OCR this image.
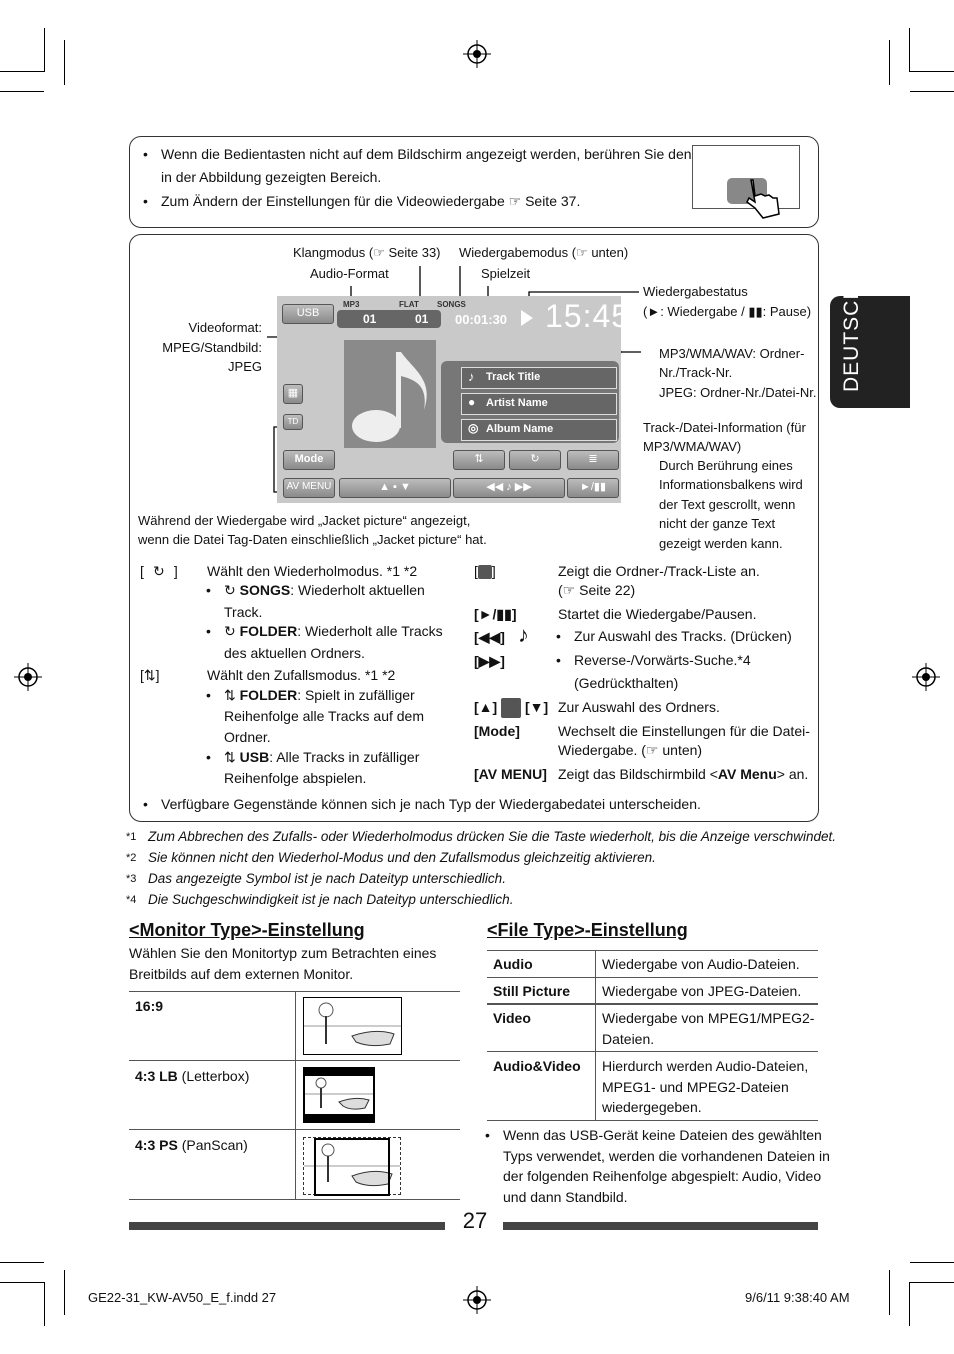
DEUTSCH
• Wenn die Bedientasten nicht auf dem Bildschirm angezeigt werden, berühren Sie den
in der Abbildung gezeigten Bereich.
• Zum Ändern der Einstellungen für die Videowiedergabe ☞ Seite 37.
Klangmodus (☞ Seite 33) Wiedergabemodus (☞ unten)
Audio-Format	Spielzeit
Wiedergabestatus
(►: Wiedergabe / ▮▮: Pause)
Videoformat:
MPEG/Standbild:
JPEG
MP3/WMA/WAV: Ordner-
Nr./Track-Nr.
JPEG: Ordner-Nr./Datei-Nr.
Track-/Datei-Information (für
MP3/WMA/WAV)
Durch Berührung eines
Informationsbalkens wird
der Text gescrollt, wenn
nicht der ganze Text
gezeigt werden kann.
Während der Wiedergabe wird „Jacket picture“ angezeigt,
wenn die Datei Tag-Daten einschließlich „Jacket picture“ hat.
USB
MP3	FLAT SONGS
01	01 00:01:30 15:45
▦
TD
Track Title
♪
Artist Name
●
Album Name
◎
Mode
AV MENU
⇅	↻	≣
▲ ▪ ▼	◀◀ ♪ ▶▶	►/▮▮
[ ↻ ] Wählt den Wiederholmodus. *1 *2
• ↻ SONGS: Wiederholt aktuellen
Track.
• ↻ FOLDER: Wiederholt alle Tracks
des aktuellen Ordners.
[⇅]	Wählt den Zufallsmodus. *1 *2
• ⇅ FOLDER: Spielt in zufälliger
Reihenfolge alle Tracks auf dem
Ordner.
• ⇅ USB: Alle Tracks in zufälliger
Reihenfolge abspielen.
[ ]	Zeigt die Ordner-/Track-Liste an.
(☞ Seite 22)
[►/▮▮]	Startet die Wiedergabe/Pausen.
[◀◀] ♪	• Zur Auswahl des Tracks. (Drücken)
[▶▶]	• Reverse-/Vorwärts-Suche.*4
(Gedrückthalten)
[▲] [▼] Zur Auswahl des Ordners.
[Mode]	Wechselt die Einstellungen für die Datei-
Wiedergabe. (☞ unten)
[AV MENU] Zeigt das Bildschirmbild <AV Menu> an.
• Verfügbare Gegenstände können sich je nach Typ der Wiedergabedatei unterscheiden.
*1 Zum Abbrechen des Zufalls- oder Wiederholmodus drücken Sie die Taste wiederholt, bis die Anzeige verschwindet.
*2 Sie können nicht den Wiederhol-Modus und den Zufallsmodus gleichzeitig aktivieren.
*3 Das angezeigte Symbol ist je nach Dateityp unterschiedlich.
*4 Die Suchgeschwindigkeit ist je nach Dateityp unterschiedlich.
<Monitor Type>-Einstellung
Wählen Sie den Monitortyp zum Betrachten eines
Breitbilds auf dem externen Monitor.
16:9
4:3 LB (Letterbox)
4:3 PS (PanScan)
<File Type>-Einstellung
Audio	Wiedergabe von Audio-Dateien.
Still Picture Wiedergabe von JPEG-Dateien.
Video	Wiedergabe von MPEG1/MPEG2-
Dateien.
Audio&Video Hierdurch werden Audio-Dateien,
MPEG1- und MPEG2-Dateien
wiedergegeben.
• Wenn das USB-Gerät keine Dateien des gewählten
Typs verwendet, werden die vorhandenen Dateien in
der folgenden Reihenfolge abgespielt: Audio, Video
und dann Standbild.
27
GE22-31_KW-AV50_E_f.indd 27	9/6/11 9:38:40 AM
